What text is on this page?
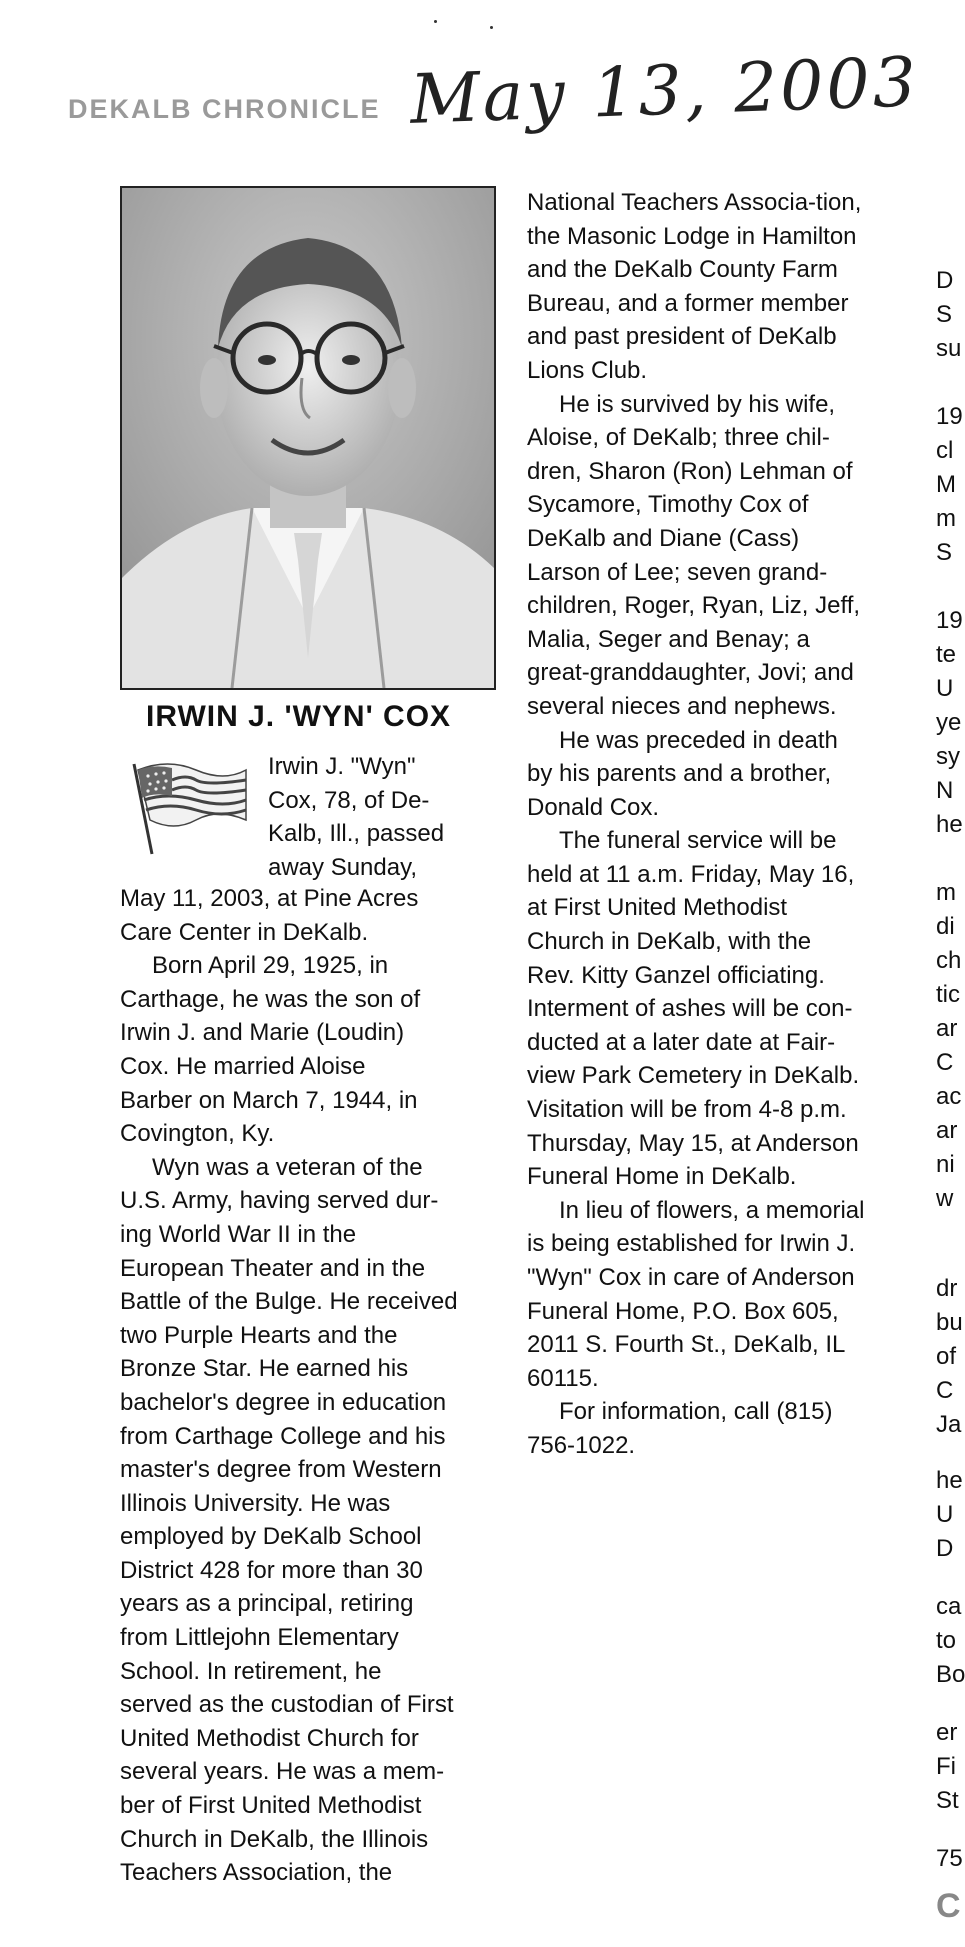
DEKALB CHRONICLE May 13, 2003
IRWIN J. 'WYN' COX

Irwin J. "Wyn"

Cox, 78, of De-

Kalb, Ill., passed

away Sunday,

May 11, 2003, at Pine Acres

Care Center in DeKalb.

Born April 29, 1925, in

Carthage, he was the son of

Irwin J. and Marie (Loudin)

Cox. He married Aloise

Barber on March 7, 1944, in

Covington, Ky.

Wyn was a veteran of the

U.S. Army, having served dur-

ing World War II in the

European Theater and in the

Battle of the Bulge. He received

two Purple Hearts and the

Bronze Star. He earned his

bachelor's degree in education

from Carthage College and his

master's degree from Western

Illinois University. He was

employed by DeKalb School

District 428 for more than 30

years as a principal, retiring

from Littlejohn Elementary

School. In retirement, he

served as the custodian of First

United Methodist Church for

several years. He was a mem-

ber of First United Methodist

Church in DeKalb, the Illinois

Teachers Association, the

National Teachers Associa-tion,

the Masonic Lodge in Hamilton

and the DeKalb County Farm

Bureau, and a former member

and past president of DeKalb

Lions Club.

He is survived by his wife,

Aloise, of DeKalb; three chil-

dren, Sharon (Ron) Lehman of

Sycamore, Timothy Cox of

DeKalb and Diane (Cass)

Larson of Lee; seven grand-

children, Roger, Ryan, Liz, Jeff,

Malia, Seger and Benay; a

great-granddaughter, Jovi; and

several nieces and nephews.

He was preceded in death

by his parents and a brother,

Donald Cox.

The funeral service will be

held at 11 a.m. Friday, May 16,

at First United Methodist

Church in DeKalb, with the

Rev. Kitty Ganzel officiating.

Interment of ashes will be con-

ducted at a later date at Fair-

view Park Cemetery in DeKalb.

Visitation will be from 4-8 p.m.

Thursday, May 15, at Anderson

Funeral Home in DeKalb.

In lieu of flowers, a memorial

is being established for Irwin J.

"Wyn" Cox in care of Anderson

Funeral Home, P.O. Box 605,

2011 S. Fourth St., DeKalb, IL

60115.

For information, call (815)

756-1022.

D
S
su
19
cl
M
m
S
19
te
U
ye
sy
N
he
m
di
ch
tic
ar
C
ac
ar
ni
w
dr
bu
of
C
Ja
he
U
D
ca
to
Bo
er
Fi
St
75
C
